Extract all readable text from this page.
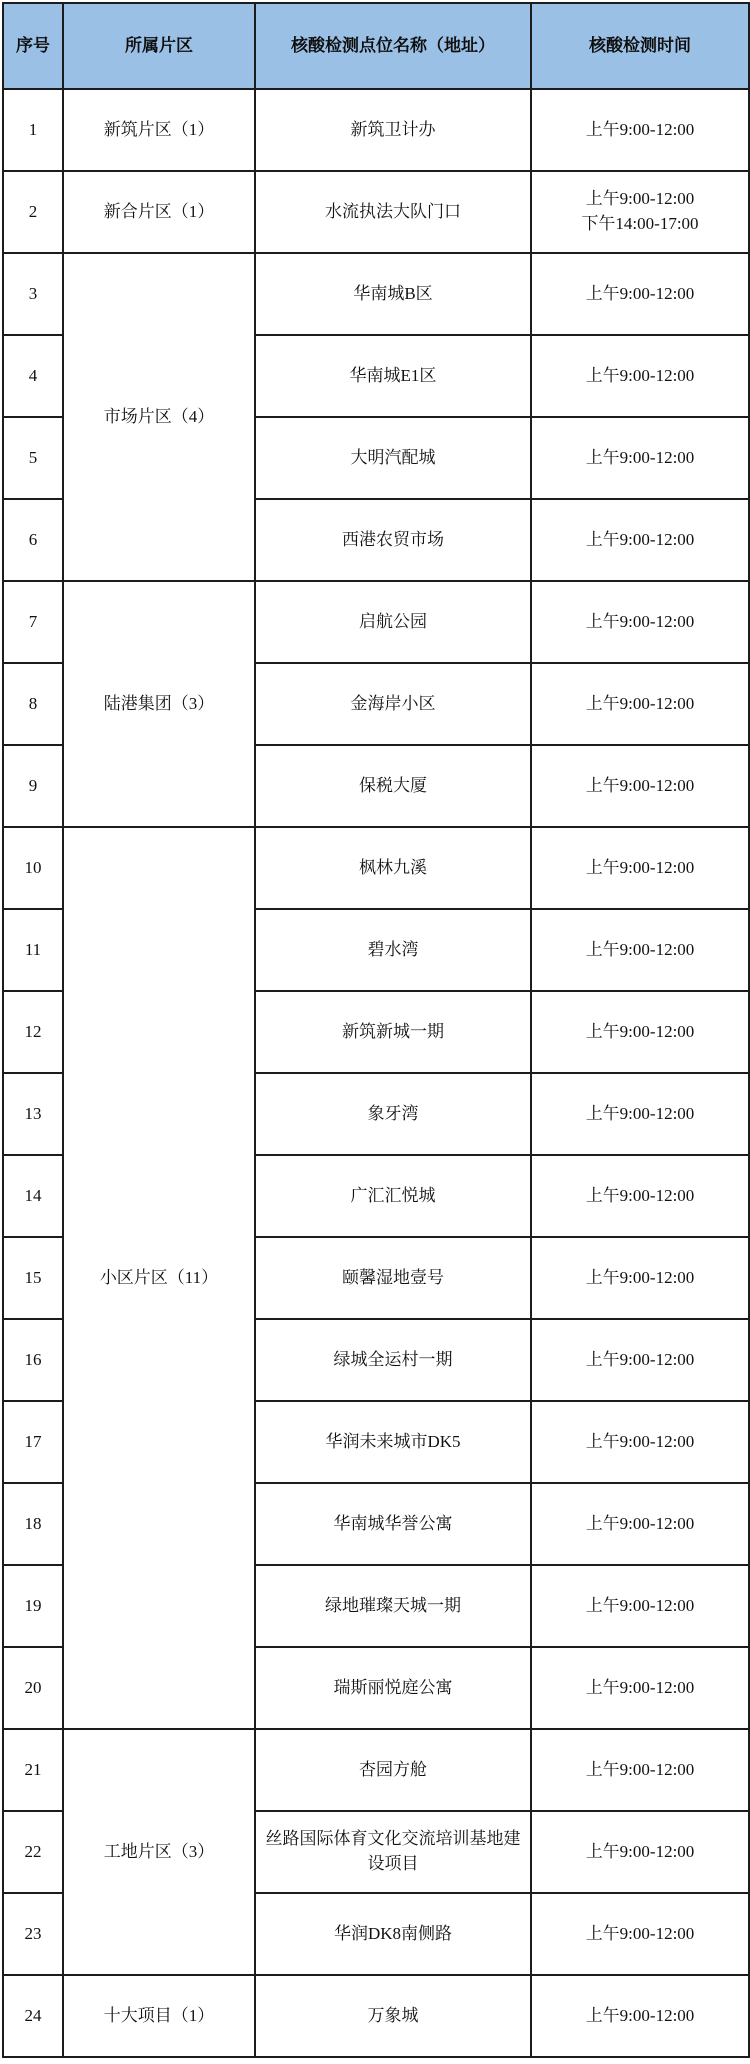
序号	所属片区	核酸检测点位名称（地址）	核酸检测时间
1	新筑片区（1）	新筑卫计办	上午9:00-12:00

2	新合片区（1）	水流执法大队门口	上午9:00-12:00
下午14:00-17:00

3	市场片区（4）	华南城B区	上午9:00-12:00

4		华南城E1区	上午9:00-12:00

5		大明汽配城	上午9:00-12:00

6		西港农贸市场	上午9:00-12:00

7	陆港集团（3）	启航公园	上午9:00-12:00

8		金海岸小区	上午9:00-12:00

9		保税大厦	上午9:00-12:00

10	小区片区（11）	枫林九溪	上午9:00-12:00

11		碧水湾	上午9:00-12:00

12		新筑新城一期	上午9:00-12:00

13		象牙湾	上午9:00-12:00

14		广汇汇悦城	上午9:00-12:00

15		颐馨湿地壹号	上午9:00-12:00

16		绿城全运村一期	上午9:00-12:00

17		华润未来城市DK5	上午9:00-12:00

18		华南城华誉公寓	上午9:00-12:00

19		绿地璀璨天城一期	上午9:00-12:00

20		瑞斯丽悦庭公寓	上午9:00-12:00

21	工地片区（3）	杏园方舱	上午9:00-12:00

22		丝路国际体育文化交流培训基地建设项目	上午9:00-12:00

23		华润DK8南侧路	上午9:00-12:00

24	十大项目（1）	万象城	上午9:00-12:00
